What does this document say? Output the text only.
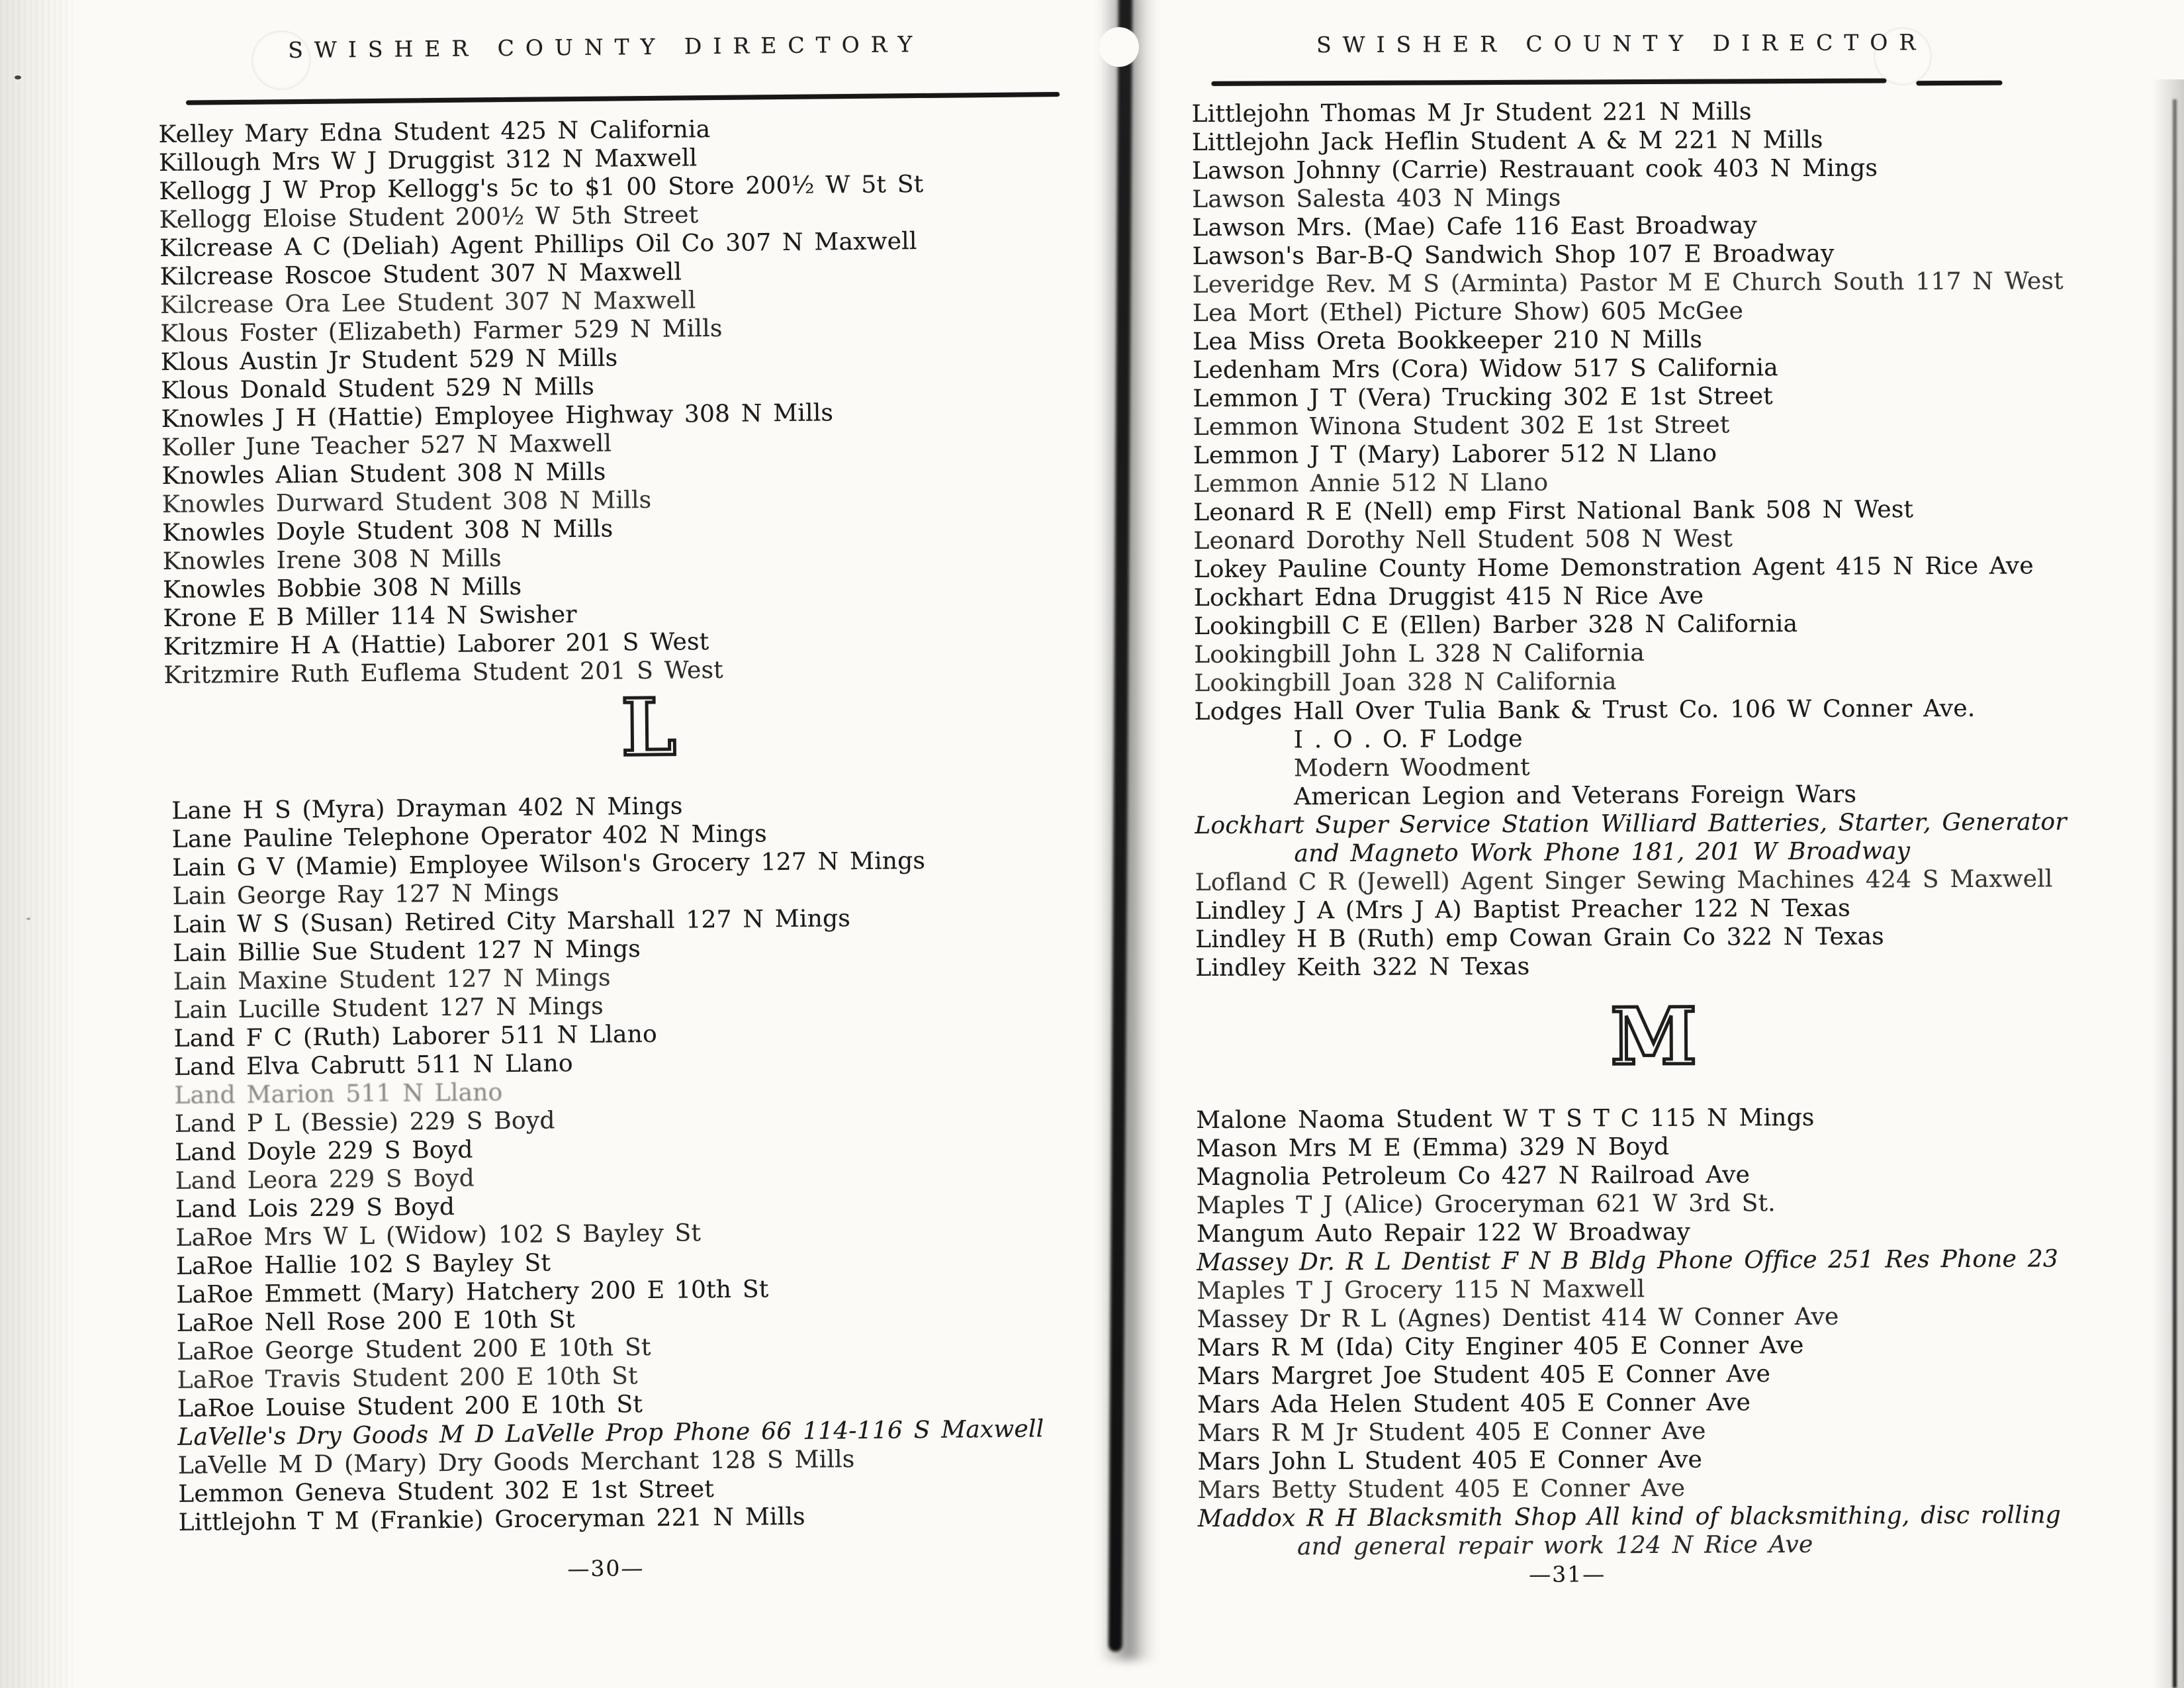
SWISHER COUNTY DIRECTORY
Kelley Mary Edna Student 425 N California
Killough Mrs W J Druggist 312 N Maxwell
Kellogg J W Prop Kellogg's 5c to $1 00 Store 200½ W 5t St
Kellogg Eloise Student 200½ W 5th Street
Kilcrease A C (Deliah) Agent Phillips Oil Co 307 N Maxwell
Kilcrease Roscoe Student 307 N Maxwell
Kilcrease Ora Lee Student 307 N Maxwell
Klous Foster (Elizabeth) Farmer 529 N Mills
Klous Austin Jr Student 529 N Mills
Klous Donald Student 529 N Mills
Knowles J H (Hattie) Employee Highway 308 N Mills
Koller June Teacher 527 N Maxwell
Knowles Alian Student 308 N Mills
Knowles Durward Student 308 N Mills
Knowles Doyle Student 308 N Mills
Knowles Irene 308 N Mills
Knowles Bobbie 308 N Mills
Krone E B Miller 114 N Swisher
Kritzmire H A (Hattie) Laborer 201 S West
Kritzmire Ruth Euflema Student 201 S West
L
Lane H S (Myra) Drayman 402 N Mings
Lane Pauline Telephone Operator 402 N Mings
Lain G V (Mamie) Employee Wilson's Grocery 127 N Mings
Lain George Ray 127 N Mings
Lain W S (Susan) Retired City Marshall 127 N Mings
Lain Billie Sue Student 127 N Mings
Lain Maxine Student 127 N Mings
Lain Lucille Student 127 N Mings
Land F C (Ruth) Laborer 511 N Llano
Land Elva Cabrutt 511 N Llano
Land Marion 511 N Llano
Land P L (Bessie) 229 S Boyd
Land Doyle 229 S Boyd
Land Leora 229 S Boyd
Land Lois 229 S Boyd
LaRoe Mrs W L (Widow) 102 S Bayley St
LaRoe Hallie 102 S Bayley St
LaRoe Emmett (Mary) Hatchery 200 E 10th St
LaRoe Nell Rose 200 E 10th St
LaRoe George Student 200 E 10th St
LaRoe Travis Student 200 E 10th St
LaRoe Louise Student 200 E 10th St
LaVelle's Dry Goods M D LaVelle Prop Phone 66 114-116 S Maxwell
LaVelle M D (Mary) Dry Goods Merchant 128 S Mills
Lemmon Geneva Student 302 E 1st Street
Littlejohn T M (Frankie) Groceryman 221 N Mills
—30—
SWISHER COUNTY DIRECTOR
Littlejohn Thomas M Jr Student 221 N Mills
Littlejohn Jack Heflin Student A & M 221 N Mills
Lawson Johnny (Carrie) Restrauant cook 403 N Mings
Lawson Salesta 403 N Mings
Lawson Mrs. (Mae) Cafe 116 East Broadway
Lawson's Bar-B-Q Sandwich Shop 107 E Broadway
Leveridge Rev. M S (Arminta) Pastor M E Church South 117 N West
Lea Mort (Ethel) Picture Show) 605 McGee
Lea Miss Oreta Bookkeeper 210 N Mills
Ledenham Mrs (Cora) Widow 517 S California
Lemmon J T (Vera) Trucking 302 E 1st Street
Lemmon Winona Student 302 E 1st Street
Lemmon J T (Mary) Laborer 512 N Llano
Lemmon Annie 512 N Llano
Leonard R E (Nell) emp First National Bank 508 N West
Leonard Dorothy Nell Student 508 N West
Lokey Pauline County Home Demonstration Agent 415 N Rice Ave
Lockhart Edna Druggist 415 N Rice Ave
Lookingbill C E (Ellen) Barber 328 N California
Lookingbill John L 328 N California
Lookingbill Joan 328 N California
Lodges Hall Over Tulia Bank & Trust Co. 106 W Conner Ave.
I . O . O. F Lodge
Modern Woodment
American Legion and Veterans Foreign Wars
Lockhart Super Service Station Williard Batteries, Starter, Generator
and Magneto Work Phone 181, 201 W Broadway
Lofland C R (Jewell) Agent Singer Sewing Machines 424 S Maxwell
Lindley J A (Mrs J A) Baptist Preacher 122 N Texas
Lindley H B (Ruth) emp Cowan Grain Co 322 N Texas
Lindley Keith 322 N Texas
M
Malone Naoma Student W T S T C 115 N Mings
Mason Mrs M E (Emma) 329 N Boyd
Magnolia Petroleum Co 427 N Railroad Ave
Maples T J (Alice) Groceryman 621 W 3rd St.
Mangum Auto Repair 122 W Broadway
Massey Dr. R L Dentist F N B Bldg Phone Office 251 Res Phone 23
Maples T J Grocery 115 N Maxwell
Massey Dr R L (Agnes) Dentist 414 W Conner Ave
Mars R M (Ida) City Enginer 405 E Conner Ave
Mars Margret Joe Student 405 E Conner Ave
Mars Ada Helen Student 405 E Conner Ave
Mars R M Jr Student 405 E Conner Ave
Mars John L Student 405 E Conner Ave
Mars Betty Student 405 E Conner Ave
Maddox R H Blacksmith Shop All kind of blacksmithing, disc rolling
and general repair work 124 N Rice Ave
—31—
